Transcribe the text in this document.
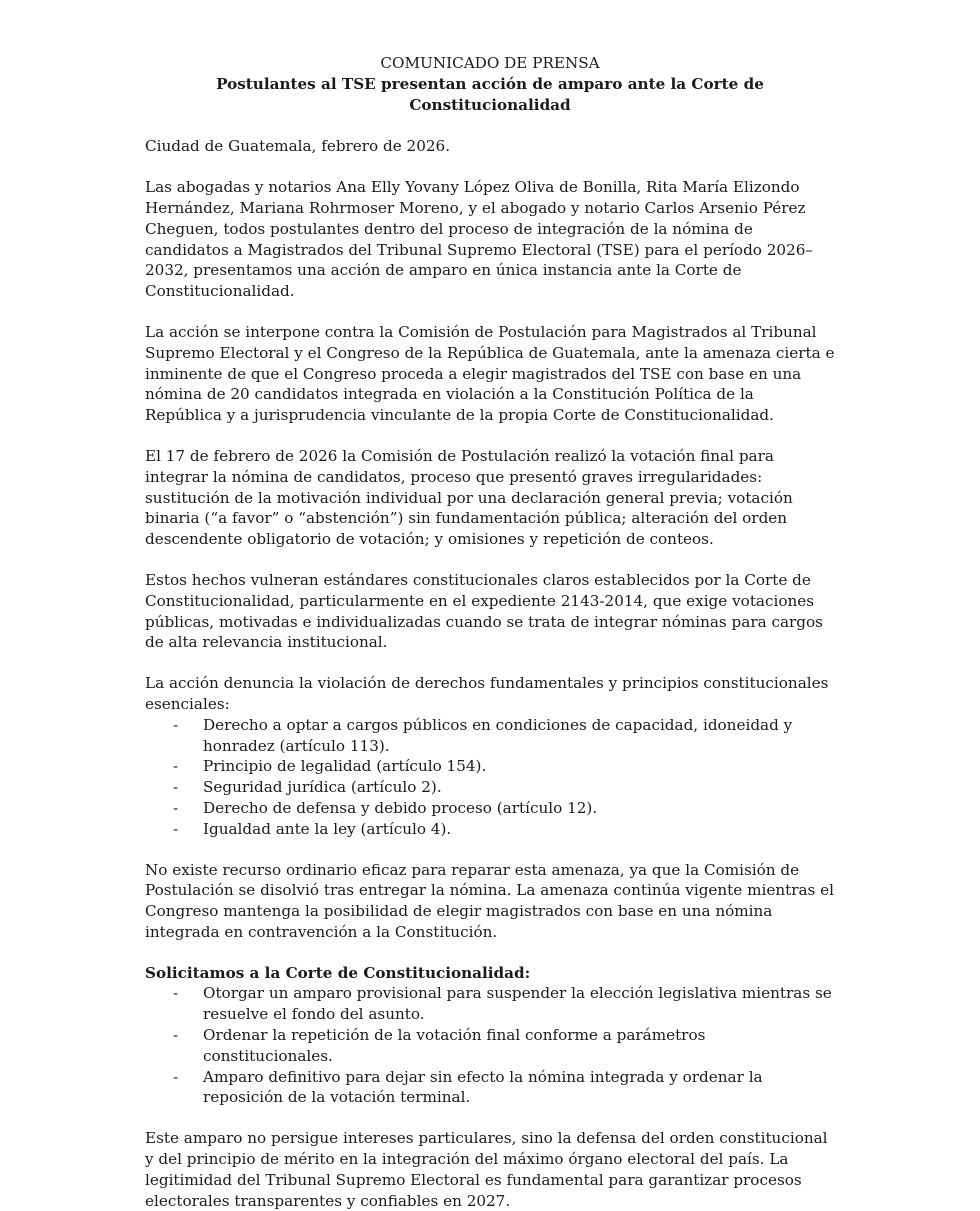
COMUNICADO DE PRENSA

Postulantes al TSE presentan acción de amparo ante la Corte de Constitucionalidad

Ciudad de Guatemala, febrero de 2026.

Las abogadas y notarios Ana Elly Yovany López Oliva de Bonilla, Rita María Elizondo Hernández, Mariana Rohrmoser Moreno, y el abogado y notario Carlos Arsenio Pérez Cheguen, todos postulantes dentro del proceso de integración de la nómina de candidatos a Magistrados del Tribunal Supremo Electoral (TSE) para el período 2026–2032, presentamos una acción de amparo en única instancia ante la Corte de Constitucionalidad.

La acción se interpone contra la Comisión de Postulación para Magistrados al Tribunal Supremo Electoral y el Congreso de la República de Guatemala, ante la amenaza cierta e inminente de que el Congreso proceda a elegir magistrados del TSE con base en una nómina de 20 candidatos integrada en violación a la Constitución Política de la República y a jurisprudencia vinculante de la propia Corte de Constitucionalidad.

El 17 de febrero de 2026 la Comisión de Postulación realizó la votación final para integrar la nómina de candidatos, proceso que presentó graves irregularidades: sustitución de la motivación individual por una declaración general previa; votación binaria (“a favor” o “abstención”) sin fundamentación pública; alteración del orden descendente obligatorio de votación; y omisiones y repetición de conteos.

Estos hechos vulneran estándares constitucionales claros establecidos por la Corte de Constitucionalidad, particularmente en el expediente 2143-2014, que exige votaciones públicas, motivadas e individualizadas cuando se trata de integrar nóminas para cargos de alta relevancia institucional.

La acción denuncia la violación de derechos fundamentales y principios constitucionales esenciales:

- Derecho a optar a cargos públicos en condiciones de capacidad, idoneidad y honradez (artículo 113).
- Principio de legalidad (artículo 154).
- Seguridad jurídica (artículo 2).
- Derecho de defensa y debido proceso (artículo 12).
- Igualdad ante la ley (artículo 4).

No existe recurso ordinario eficaz para reparar esta amenaza, ya que la Comisión de Postulación se disolvió tras entregar la nómina. La amenaza continúa vigente mientras el Congreso mantenga la posibilidad de elegir magistrados con base en una nómina integrada en contravención a la Constitución.

Solicitamos a la Corte de Constitucionalidad:

- Otorgar un amparo provisional para suspender la elección legislativa mientras se resuelve el fondo del asunto.
- Ordenar la repetición de la votación final conforme a parámetros constitucionales.
- Amparo definitivo para dejar sin efecto la nómina integrada y ordenar la reposición de la votación terminal.

Este amparo no persigue intereses particulares, sino la defensa del orden constitucional y del principio de mérito en la integración del máximo órgano electoral del país. La legitimidad del Tribunal Supremo Electoral es fundamental para garantizar procesos electorales transparentes y confiables en 2027.
